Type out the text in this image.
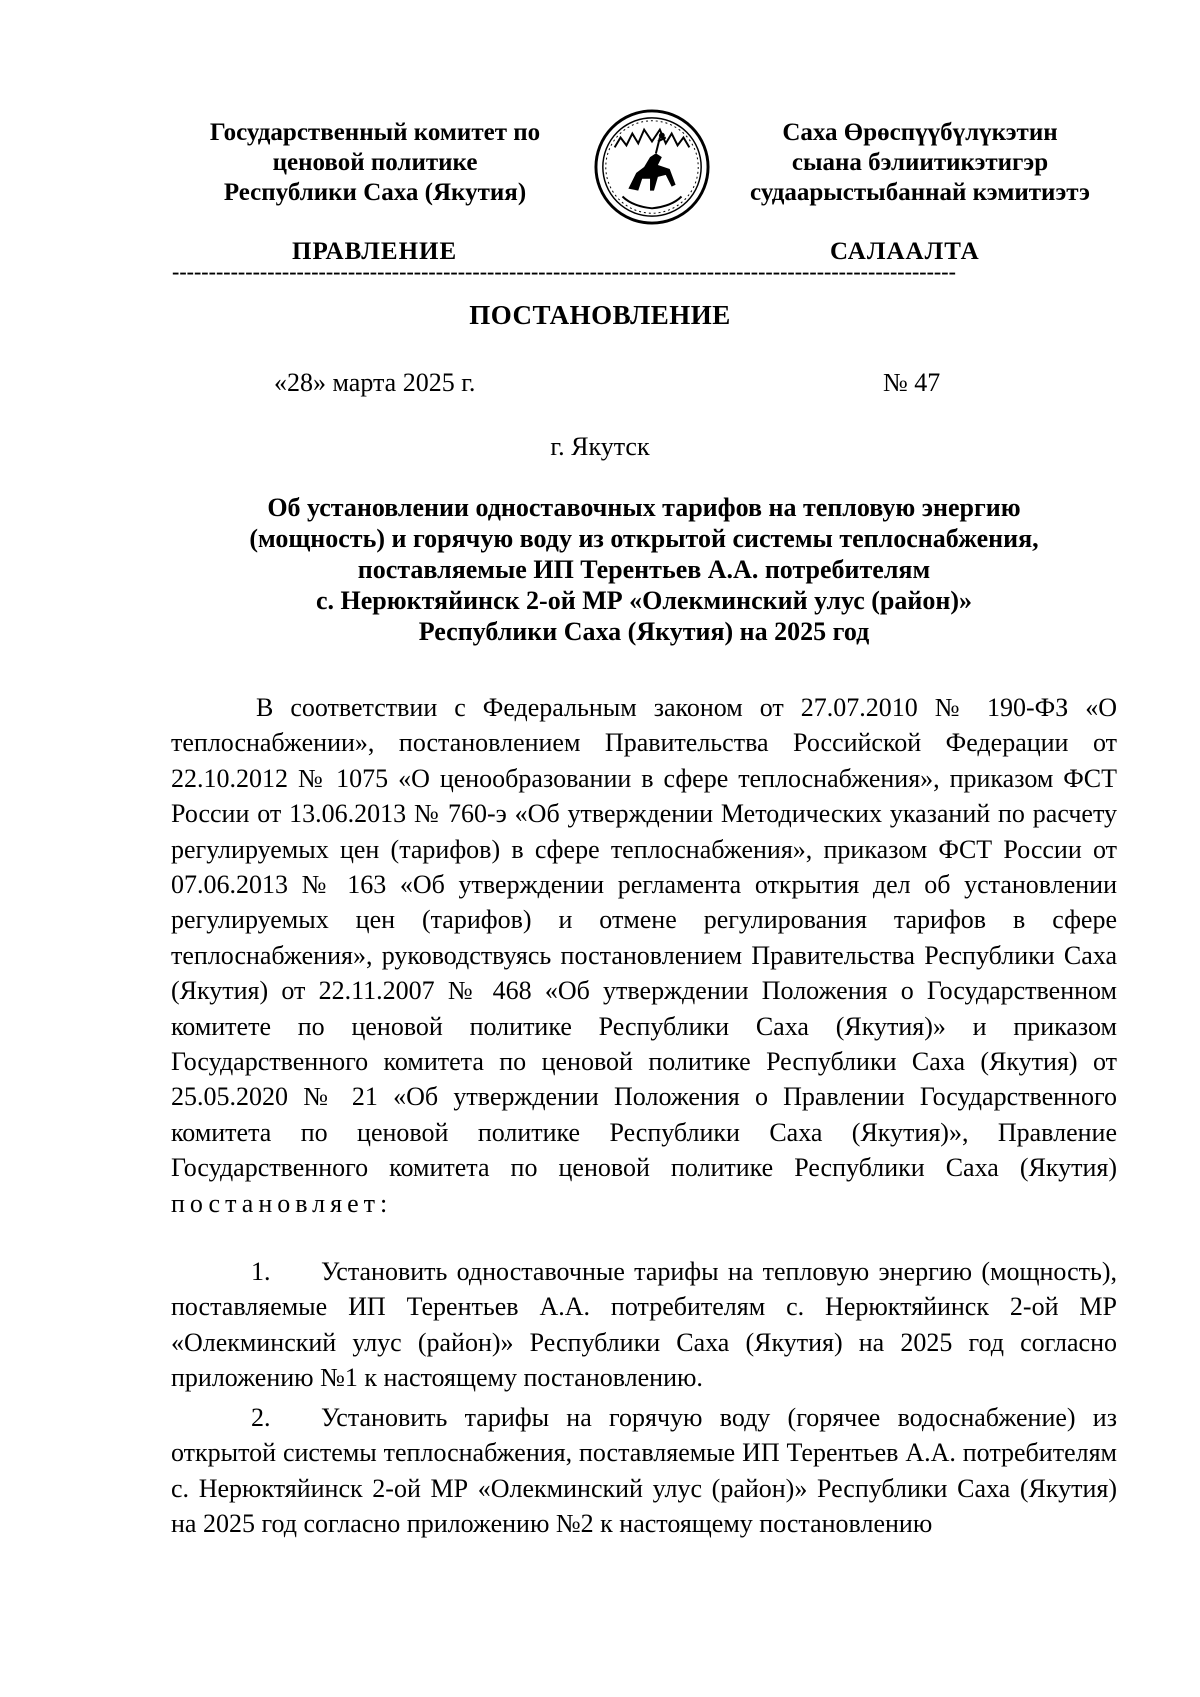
Государственный комитет по
ценовой политике
Республики Саха (Якутия)
Саха Өрөспүүбүлүкэтин
сыана бэлиитикэтигэр
судаарыстыбаннай кэмитиэтэ
ПРАВЛЕНИЕ	САЛААЛТА
-----------------------------------------------------------------------------------------------------------
ПОСТАНОВЛЕНИЕ
«28» марта 2025 г.	№ 47
г. Якутск
Об установлении одноставочных тарифов на тепловую энергию
(мощность) и горячую воду из открытой системы теплоснабжения,
поставляемые ИП Терентьев А.А. потребителям
с. Нерюктяйинск 2-ой МР «Олекминский улус (район)»
Республики Саха (Якутия) на 2025 год
В соответствии с Федеральным законом от 27.07.2010 № 190-ФЗ «О теплоснабжении», постановлением Правительства Российской Федерации от 22.10.2012 № 1075 «О ценообразовании в сфере теплоснабжения», приказом ФСТ России от 13.06.2013 № 760-э «Об утверждении Методических указаний по расчету регулируемых цен (тарифов) в сфере теплоснабжения», приказом ФСТ России от 07.06.2013 № 163 «Об утверждении регламента открытия дел об установлении регулируемых цен (тарифов) и отмене регулирования тарифов в сфере теплоснабжения», руководствуясь постановлением Правительства Республики Саха (Якутия) от 22.11.2007 № 468 «Об утверждении Положения о Государственном комитете по ценовой политике Республики Саха (Якутия)» и приказом Государственного комитета по ценовой политике Республики Саха (Якутия) от 25.05.2020 № 21 «Об утверждении Положения о Правлении Государственного комитета по ценовой политике Республики Саха (Якутия)», Правление Государственного комитета по ценовой политике Республики Саха (Якутия) постановляет:
1. Установить одноставочные тарифы на тепловую энергию (мощность), поставляемые ИП Терентьев А.А. потребителям с. Нерюктяйинск 2-ой МР «Олекминский улус (район)» Республики Саха (Якутия) на 2025 год согласно приложению №1 к настоящему постановлению.
2. Установить тарифы на горячую воду (горячее водоснабжение) из открытой системы теплоснабжения, поставляемые ИП Терентьев А.А. потребителям с. Нерюктяйинск 2-ой МР «Олекминский улус (район)» Республики Саха (Якутия) на 2025 год согласно приложению №2 к настоящему постановлению
